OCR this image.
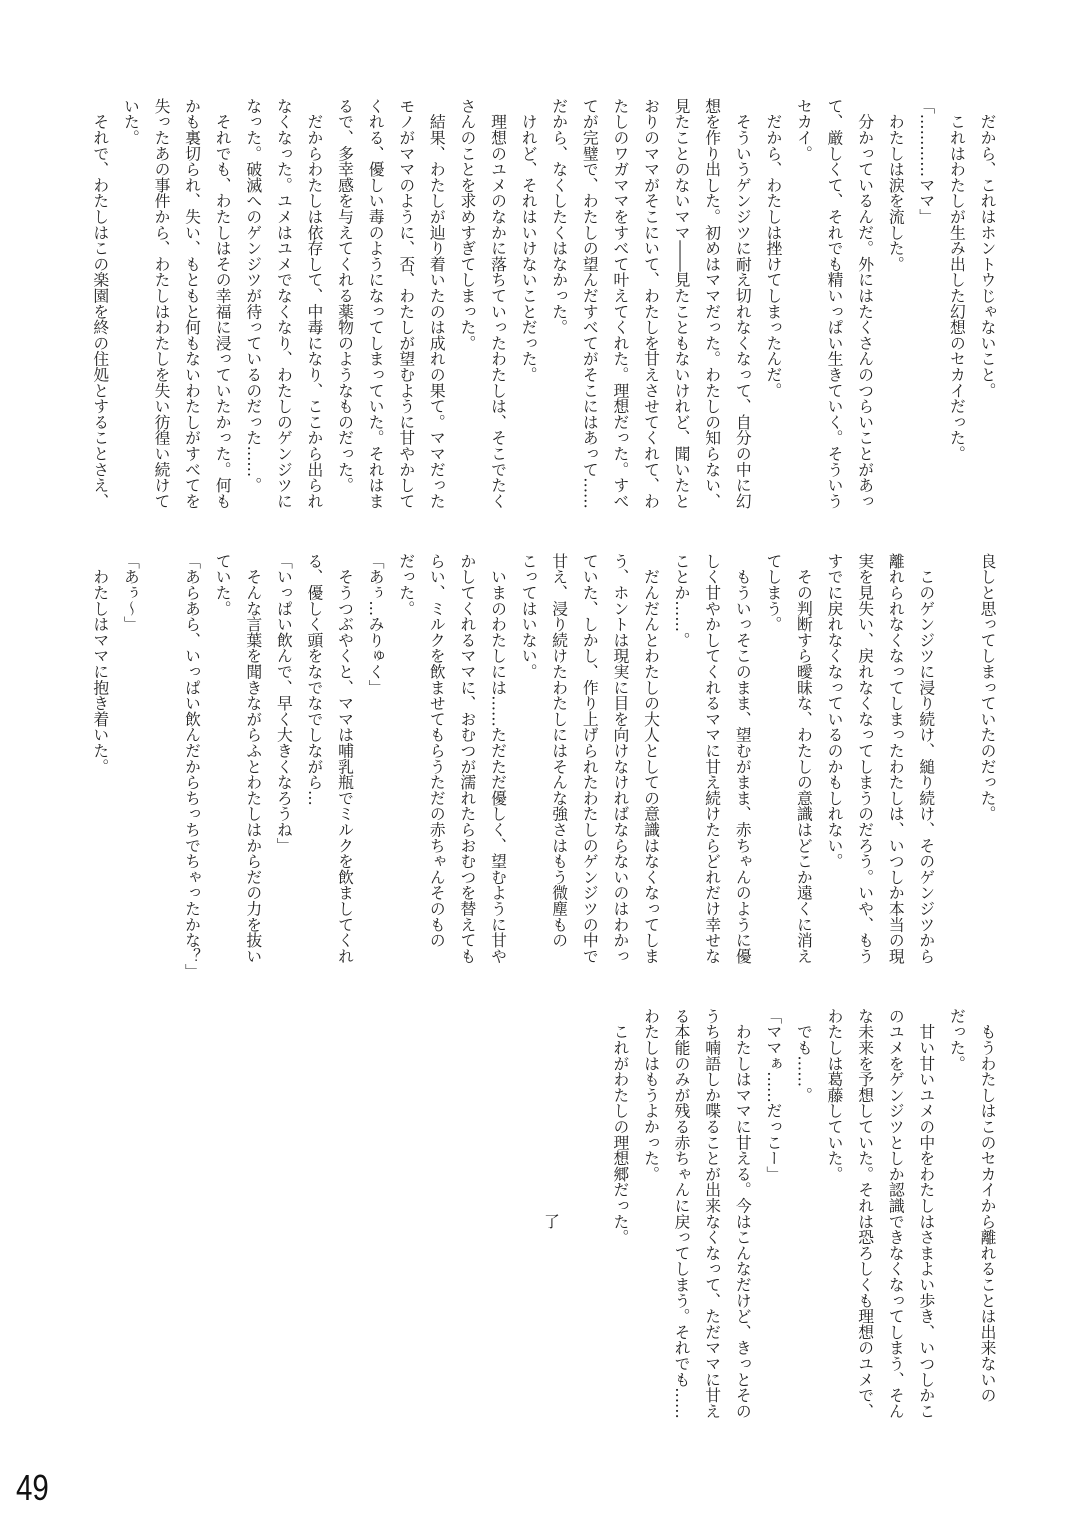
　だから、これはホントウじゃないこと。
　これはわたしが生み出した幻想のセカイだった。
「…………ママ」
　わたしは涙を流した。
　分かっているんだ。外にはたくさんのつらいことがあっ
て、厳しくて、それでも精いっぱい生きていく。そういう
セカイ。
　だから、わたしは挫けてしまったんだ。
　そういうゲンジツに耐え切れなくなって、自分の中に幻
想を作り出した。初めはママだった。わたしの知らない、
見たことのないママ――見たこともないけれど、聞いたと
おりのママがそこにいて、わたしを甘えさせてくれて、わ
たしのワガママをすべて叶えてくれた。理想だった。すべ
てが完璧で、わたしの望んだすべてがそこにはあって……
だから、なくしたくはなかった。
　けれど、それはいけないことだった。
　理想のユメのなかに落ちていったわたしは、そこでたく
さんのことを求めすぎてしまった。
　結果、わたしが辿り着いたのは成れの果て。ママだった
モノがママのように、否、わたしが望むように甘やかして
くれる、優しい毒のようになってしまっていた。それはま
るで、多幸感を与えてくれる薬物のようなものだった。
　だからわたしは依存して、中毒になり、ここから出られ
なくなった。ユメはユメでなくなり、わたしのゲンジツに
なった。破滅へのゲンジツが待っているのだった……。
　それでも、わたしはその幸福に浸っていたかった。何も
かも裏切られ、失い、もともと何もないわたしがすべてを
失ったあの事件から、わたしはわたしを失い彷徨い続けて
いた。
　それで、わたしはこの楽園を終の住処とすることさえ、
良しと思ってしまっていたのだった。

　このゲンジツに浸り続け、縋り続け、そのゲンジツから
離れられなくなってしまったわたしは、いつしか本当の現
実を見失い、戻れなくなってしまうのだろう。いや、もう
すでに戻れなくなっているのかもしれない。
　その判断すら曖昧な、わたしの意識はどこか遠くに消え
てしまう。
　もういっそこのまま、望むがまま、赤ちゃんのように優
しく甘やかしてくれるママに甘え続けたらどれだけ幸せな
ことか……。
　だんだんとわたしの大人としての意識はなくなってしま
う、ホントは現実に目を向けなければならないのはわかっ
ていた、しかし、作り上げられたわたしのゲンジツの中で
甘え、浸り続けたわたしにはそんな強さはもう微塵もの
こってはいない。
　いまのわたしには……ただただ優しく、望むように甘や
かしてくれるママに、おむつが濡れたらおむつを替えても
らい、ミルクを飲ませてもらうただの赤ちゃんそのもの
だった。
「あぅ…みりゅく」
　そうつぶやくと、ママは哺乳瓶でミルクを飲ましてくれ
る、優しく頭をなでなでしながら…
「いっぱい飲んで、早く大きくなろうね」
　そんな言葉を聞きながらふとわたしはからだの力を抜い
ていた。
「あらあら、いっぱい飲んだからちっちでちゃったかな？」

「あぅ～」
　わたしはママに抱き着いた。
　もうわたしはこのセカイから離れることは出来ないの
だった。
　甘い甘いユメの中をわたしはさまよい歩き、いつしかこ
のユメをゲンジツとしか認識できなくなってしまう、そん
な未来を予想していた。それは恐ろしくも理想のユメで、
わたしは葛藤していた。
　でも……。
「ママぁ……だっこー」
　わたしはママに甘える。今はこんなだけど、きっとその
うち喃語しか喋ることが出来なくなって、ただママに甘え
る本能のみが残る赤ちゃんに戻ってしまう。それでも……
わたしはもうよかった。
　これがわたしの理想郷だった。
了
49
